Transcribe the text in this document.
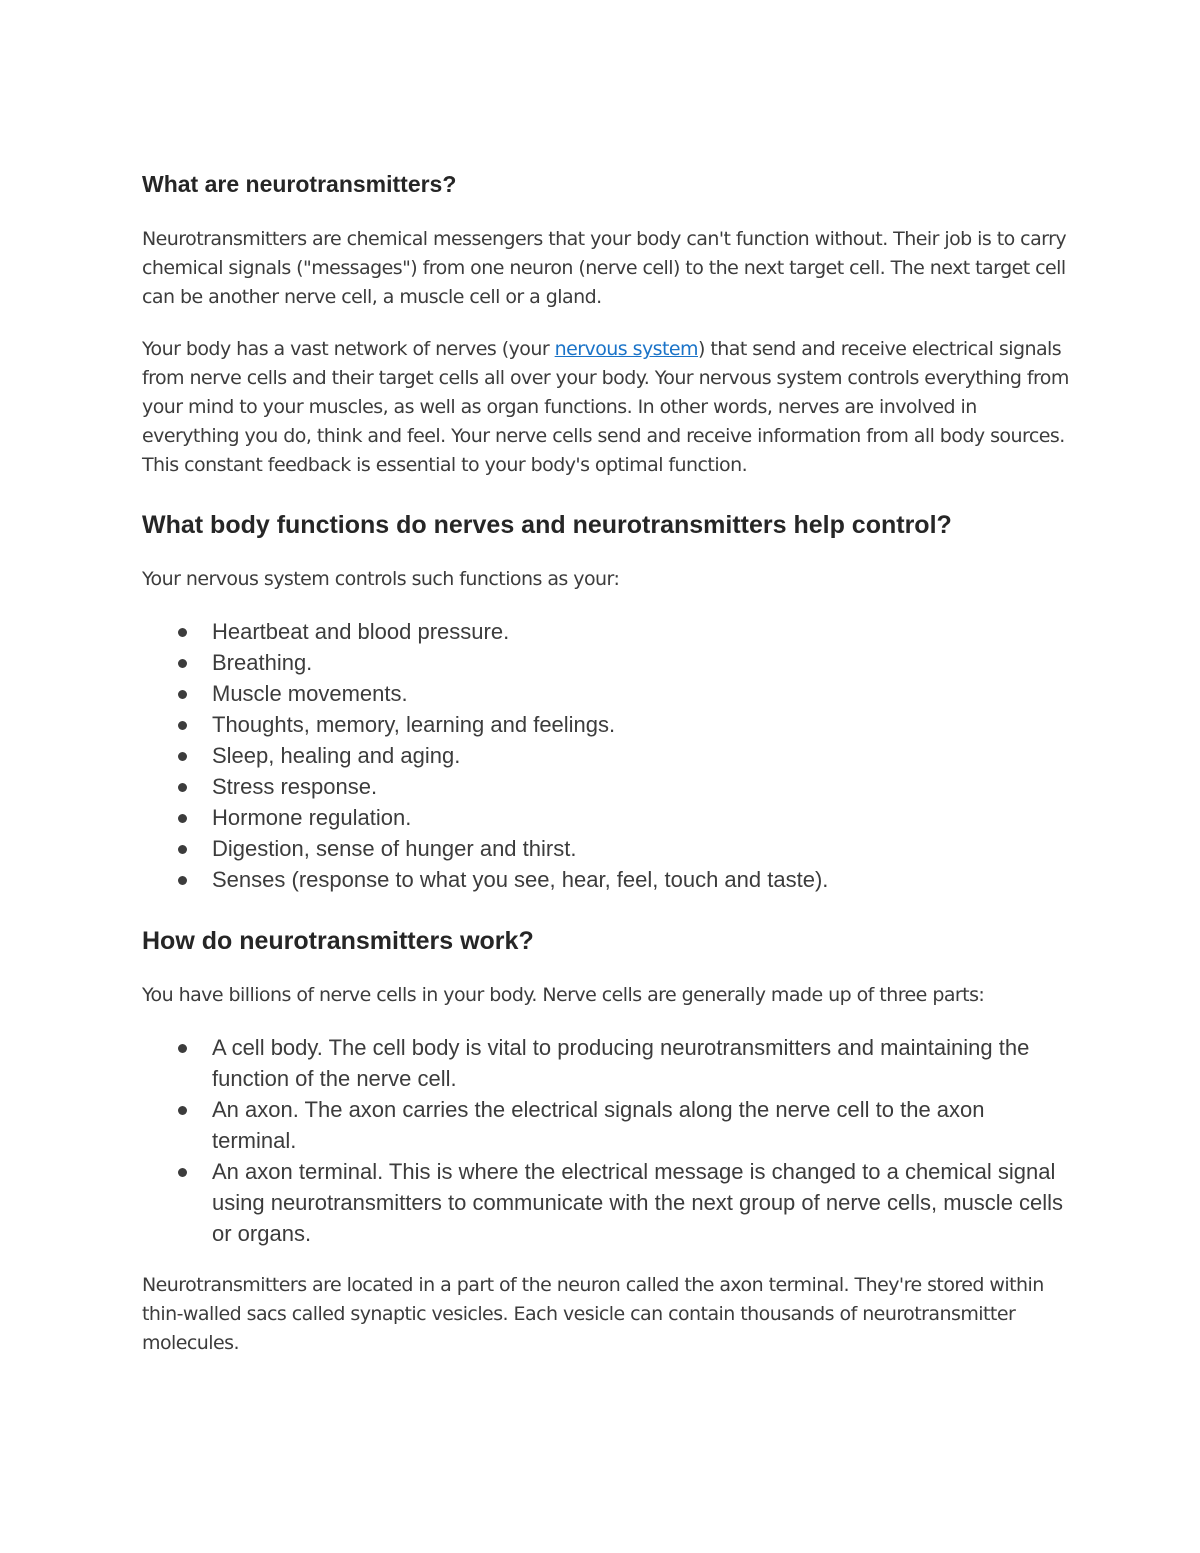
What are neurotransmitters?

Neurotransmitters are chemical messengers that your body can't function without. Their job is to carry chemical signals ("messages") from one neuron (nerve cell) to the next target cell. The next target cell can be another nerve cell, a muscle cell or a gland.

Your body has a vast network of nerves (your nervous system) that send and receive electrical signals from nerve cells and their target cells all over your body. Your nervous system controls everything from your mind to your muscles, as well as organ functions. In other words, nerves are involved in everything you do, think and feel. Your nerve cells send and receive information from all body sources. This constant feedback is essential to your body's optimal function.

What body functions do nerves and neurotransmitters help control?

Your nervous system controls such functions as your:

Heartbeat and blood pressure.
Breathing.
Muscle movements.
Thoughts, memory, learning and feelings.
Sleep, healing and aging.
Stress response.
Hormone regulation.
Digestion, sense of hunger and thirst.
Senses (response to what you see, hear, feel, touch and taste).
How do neurotransmitters work?

You have billions of nerve cells in your body. Nerve cells are generally made up of three parts:

A cell body. The cell body is vital to producing neurotransmitters and maintaining the function of the nerve cell.
An axon. The axon carries the electrical signals along the nerve cell to the axon terminal.
An axon terminal. This is where the electrical message is changed to a chemical signal using neurotransmitters to communicate with the next group of nerve cells, muscle cells or organs.

Neurotransmitters are located in a part of the neuron called the axon terminal. They're stored within thin-walled sacs called synaptic vesicles. Each vesicle can contain thousands of neurotransmitter molecules.
